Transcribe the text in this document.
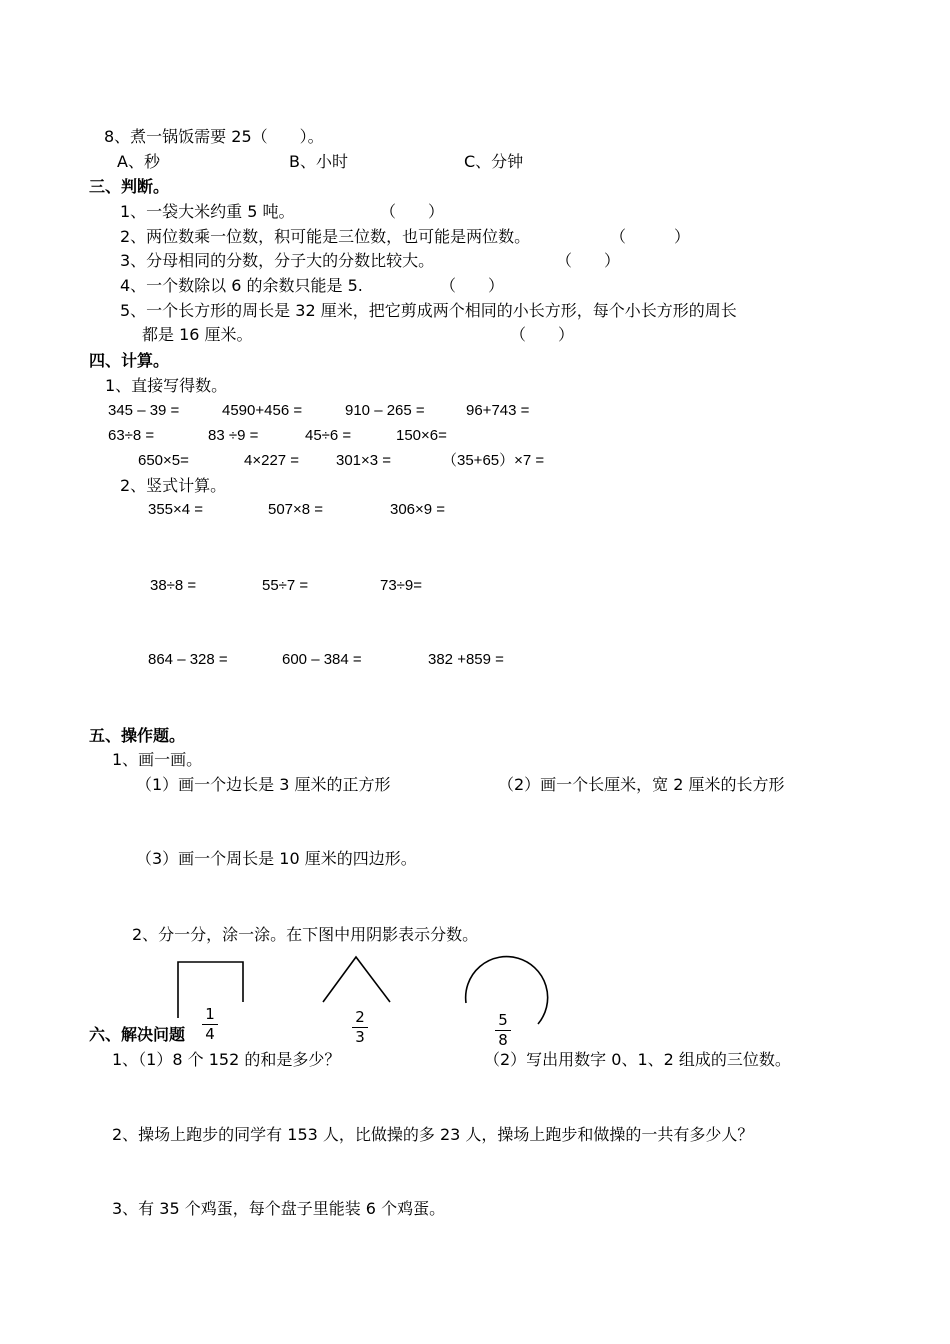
8、煮一锅饭需要 25（　　）。
A、秒	B、小时	C、分钟
三、判断。
1、一袋大米约重 5 吨。	（　　）
2、两位数乘一位数，积可能是三位数，也可能是两位数。	（　　　）
3、分母相同的分数，分子大的分数比较大。	（　　）
4、一个数除以 6 的余数只能是 5.	（　　）
5、一个长方形的周长是 32 厘米，把它剪成两个相同的小长方形，每个小长方形的周长
都是 16 厘米。	（　　）
四、计算。
1、直接写得数。
345 – 39 =	4590+456 =	910 – 265 =	96+743 =
63÷8 =	83 ÷9 =	45÷6 =	150×6=
650×5=	4×227 = 301×3 =	（35+65）×7 =
2、竖式计算。
355×4 =	507×8 =	306×9 =
38÷8 =	55÷7 =	73÷9=
864 – 328 =	600 – 384 =	382 +859 =
五、操作题。
1、画一画。
（1）画一个边长是 3 厘米的正方形	（2）画一个长厘米，宽 2 厘米的长方形
（3）画一个周长是 10 厘米的四边形。
2、分一分，涂一涂。在下图中用阴影表示分数。
1
4
2
3
5
8
六、解决问题
1、（1）8 个 152 的和是多少？	（2）写出用数字 0、1、2 组成的三位数。
2、操场上跑步的同学有 153 人，比做操的多 23 人，操场上跑步和做操的一共有多少人？
3、有 35 个鸡蛋，每个盘子里能装 6 个鸡蛋。
